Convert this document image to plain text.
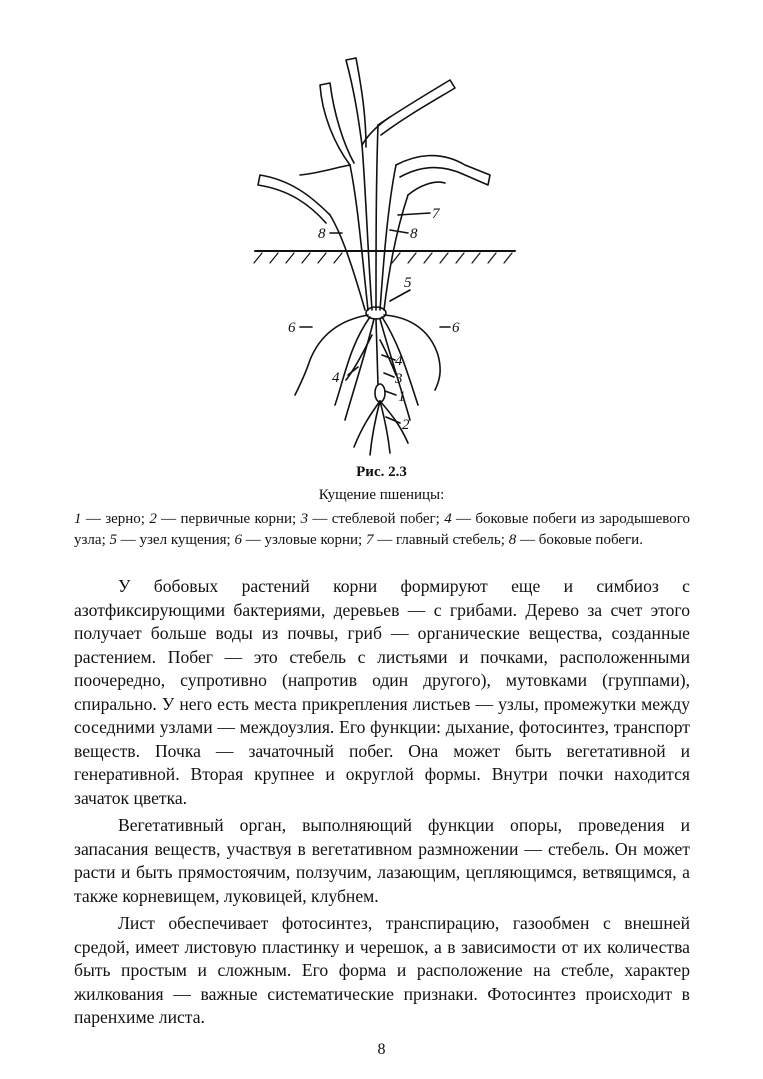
7
8	8
5
6	6
4
4	3
1
2
Рис. 2.3
Кущение пшеницы:
1 — зерно; 2 — первичные корни; 3 — стеблевой побег; 4 — боковые побеги из зародышевого узла; 5 — узел кущения; 6 — узловые корни; 7 — главный стебель; 8 — боковые побеги.

У бобовых растений корни формируют еще и симбиоз с азотфиксирующими бактериями, деревьев — с грибами. Дерево за счет этого получает больше воды из почвы, гриб — органические вещества, созданные растением. Побег — это стебель с листьями и почками, расположенными поочередно, супротивно (напротив один другого), мутовками (группами), спирально. У него есть места прикрепления листьев — узлы, промежутки между соседними узлами — междоузлия. Его функции: дыхание, фотосинтез, транспорт веществ. Почка — зачаточный побег. Она может быть вегетативной и генеративной. Вторая крупнее и округлой формы. Внутри почки находится зачаток цветка.

Вегетативный орган, выполняющий функции опоры, проведения и запасания веществ, участвуя в вегетативном размножении — стебель. Он может расти и быть прямостоячим, ползучим, лазающим, цепляющимся, ветвящимся, а также корневищем, луковицей, клубнем.

Лист обеспечивает фотосинтез, транспирацию, газообмен с внешней средой, имеет листовую пластинку и черешок, а в зависимости от их количества быть простым и сложным. Его форма и расположение на стебле, характер жилкования — важные систематические признаки. Фотосинтез происходит в паренхиме листа.

8
